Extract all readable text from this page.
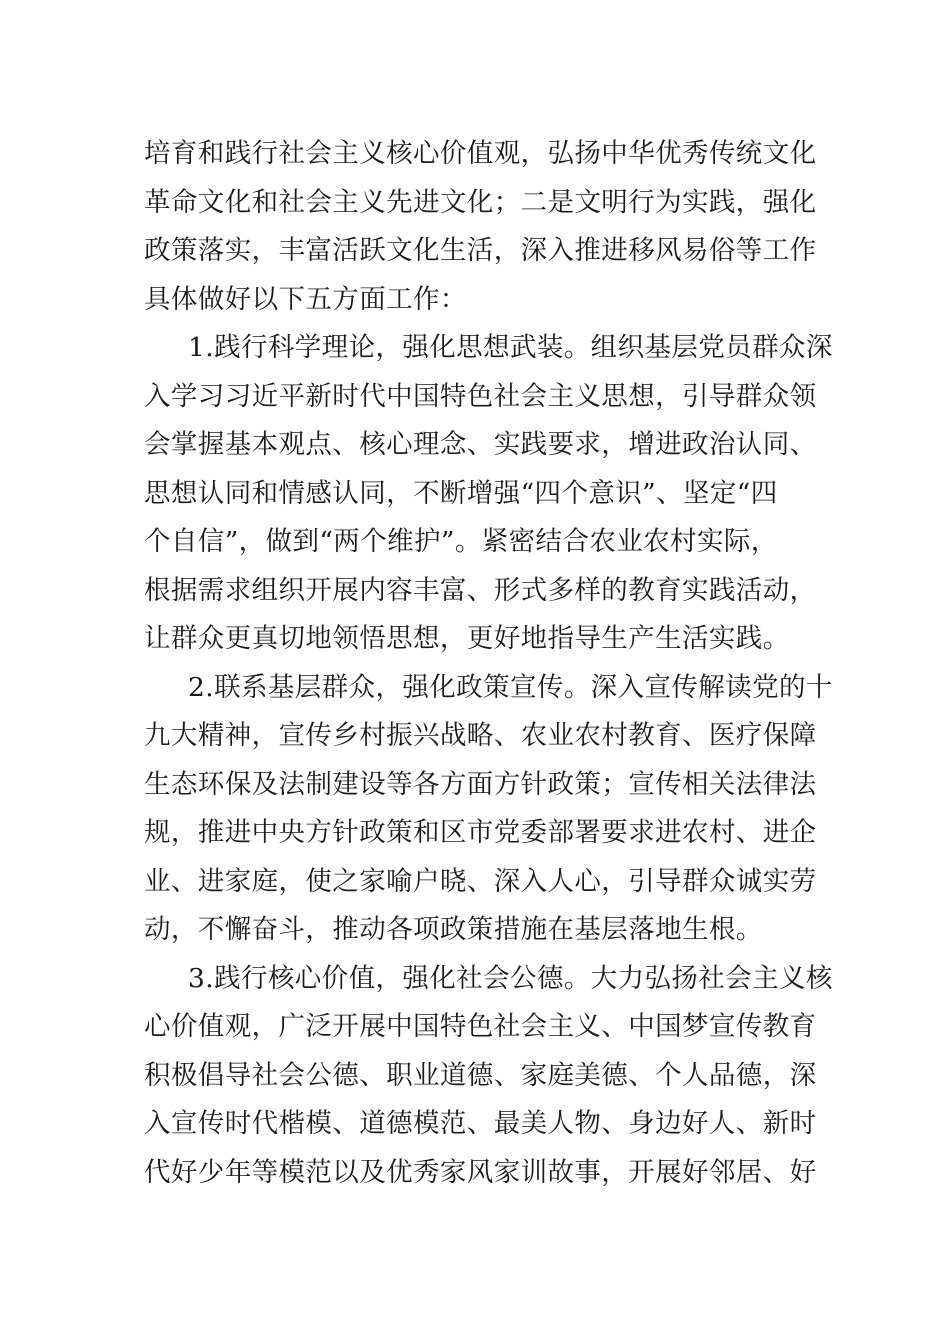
培育和践行社会主义核心价值观，弘扬中华优秀传统文化
革命文化和社会主义先进文化；二是文明行为实践，强化
政策落实，丰富活跃文化生活，深入推进移风易俗等工作
具体做好以下五方面工作：
1.践行科学理论，强化思想武装。组织基层党员群众深
入学习习近平新时代中国特色社会主义思想，引导群众领
会掌握基本观点、核心理念、实践要求，增进政治认同、
思想认同和情感认同，不断增强“四个意识”、坚定“四
个自信”，做到“两个维护”。紧密结合农业农村实际，
根据需求组织开展内容丰富、形式多样的教育实践活动，
让群众更真切地领悟思想，更好地指导生产生活实践。
2.联系基层群众，强化政策宣传。深入宣传解读党的十
九大精神，宣传乡村振兴战略、农业农村教育、医疗保障
生态环保及法制建设等各方面方针政策；宣传相关法律法
规，推进中央方针政策和区市党委部署要求进农村、进企
业、进家庭，使之家喻户晓、深入人心，引导群众诚实劳
动，不懈奋斗，推动各项政策措施在基层落地生根。
3.践行核心价值，强化社会公德。大力弘扬社会主义核
心价值观，广泛开展中国特色社会主义、中国梦宣传教育
积极倡导社会公德、职业道德、家庭美德、个人品德，深
入宣传时代楷模、道德模范、最美人物、身边好人、新时
代好少年等模范以及优秀家风家训故事，开展好邻居、好
